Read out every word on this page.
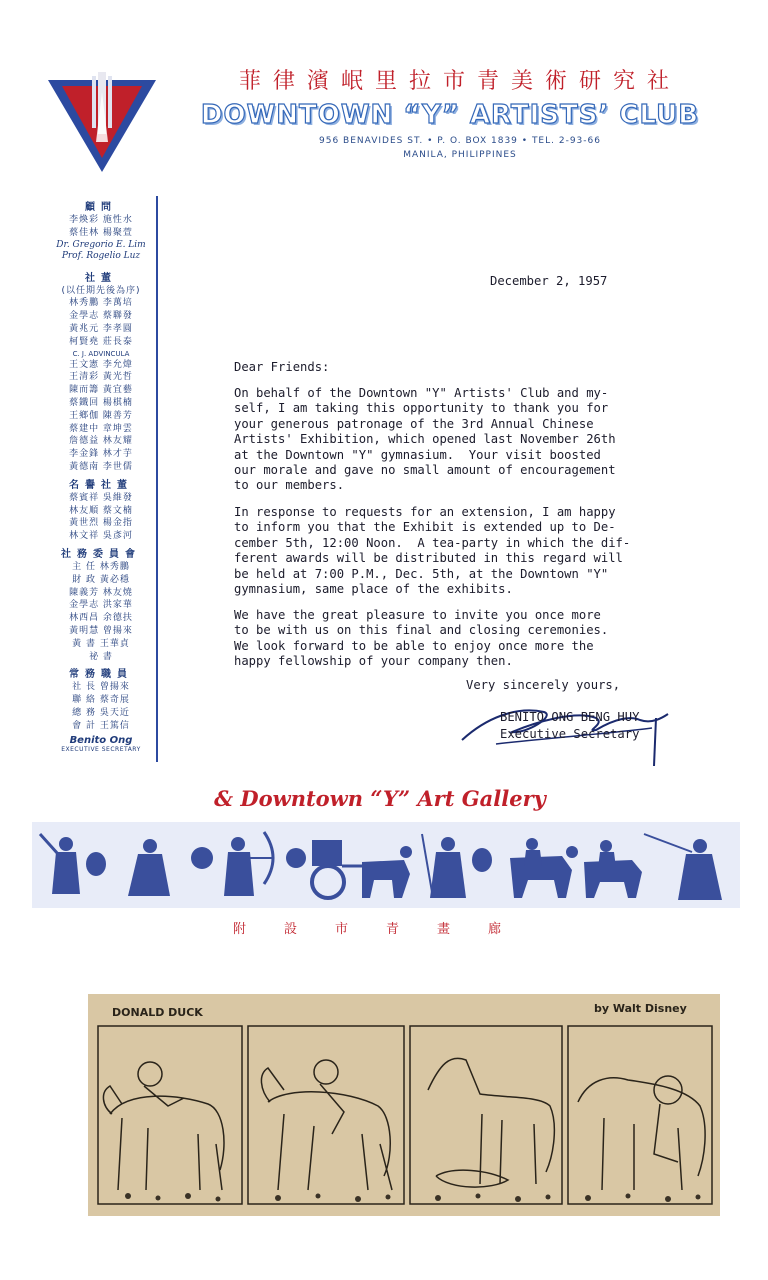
★
★
菲律濱岷里拉市青美術研究社
DOWNTOWN “Y” ARTISTS’ CLUB
956 BENAVIDES ST. • P. O. BOX 1839 • TEL. 2-93-66
MANILA, PHILIPPINES
顧問
李煥彩 施性水
蔡佳林 楊聚萱
Dr. Gregorio E. Lim
Prof. Rogelio Luz
社董
(以任期先後為序)
林秀鵬 李萬培
金學志 蔡聯發
黃兆元 李孝圓
柯賢堯 莊長泰
C. J. ADVINCULA
王文憲 李允煒
王清彩 黃光哲
陳而籌 黃宜藝
蔡鐵回 楊棋楠
王鄉伽 陳善芳
蔡建中 章坤雲
詹德益 林友耀
李金鋒 林才芋
黃德南 李世儒
名譽社董
蔡賓祥 吳維發
林友順 蔡文楠
黃世烈 楊金指
林文祥 吳彥河
社務委員會
主 任 林秀鵬
財 政 黃必穩
陳義芳 林友燒
金學志 洪家華
林西昌 余德扶
黃明慧 曾揚來
黃 書 王華貞
祕 書
常務職員
社 長 曾揚來
聯 絡 蔡奇展
總 務 吳天近
會 計 王篤信
Benito Ong
EXECUTIVE SECRETARY
December 2, 1957
Dear Friends:
On behalf of the Downtown "Y" Artists' Club and my-
self, I am taking this opportunity to thank you for
your generous patronage of the 3rd Annual Chinese
Artists' Exhibition, which opened last November 26th
at the Downtown "Y" gymnasium.  Your visit boosted
our morale and gave no small amount of encouragement
to our members.
In response to requests for an extension, I am happy
to inform you that the Exhibit is extended up to De-
cember 5th, 12:00 Noon.  A tea-party in which the dif-
ferent awards will be distributed in this regard will
be held at 7:00 P.M., Dec. 5th, at the Downtown "Y"
gymnasium, same place of the exhibits.
We have the great pleasure to invite you once more
to be with us on this final and closing ceremonies.
We look forward to be able to enjoy once more the
happy fellowship of your company then.
Very sincerely yours,
BENITO ONG BENG HUY
Executive Secretary
& Downtown “Y” Art Gallery
附設市青畫廊
DONALD DUCK	by Walt Disney
